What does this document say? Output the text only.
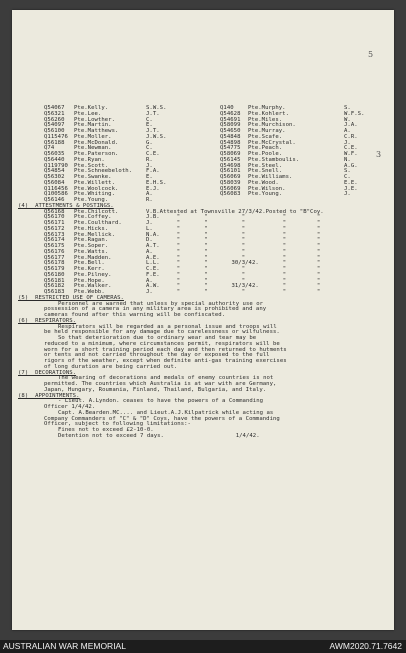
5
3
Q54067 Pte.Kelly.	S.W.S.	Q140	Pte.Murphy.	S.
Q56321 Pte.Lee.	J.T.	Q54628 Pte.Kohlert.	W.F.S.
Q56260 Pte.Lowther.	C.	Q54691 Pte.Miles.	W.
Q54097 Pte.Martin.	E.	Q58099 Pte.Murchison.	J.A.
Q56100 Pte.Matthews.	J.T.	Q54650 Pte.Murray.	A.
Q115476 Pte.Moller.	J.W.S.	Q54848 Pte.Scafe.	C.R.
Q56188 Pte.McDonald.	G.	Q54898 Pte.McCrystal.	J.
Q74	Pte.Newman.	C.	Q54775 Pte.Peach.	C.E.
Q56035 Pte.Paterson.	C.E.	Q58069 Pte.Poole.	W.F.
Q56440 Pte.Ryan.	R.	Q56145 Pte.Stamboulis.	N.
Q119790 Pte.Scott.	J.	Q54698 Pte.Steel.	A.G.
Q54854 Pte.Schneebeloth. F.A.	Q56101 Pte.Snell.	S.
Q56302 Pte.Swanke.	E.	Q56069 Pte.Williams.	C.
Q56084 Pte.Willett.	E.H.S.	Q58039 Pte.Wood.	E.E.
Q116456 Pte.Woolcock.	E.J.	Q56069 Pte.Wilson.	J.E.
Q100586 Pte.Whiting.	A.	Q56083 Pte.Young.	J.
Q56146 Pte.Young.	R.
(4)  ATTESTMENTS & POSTINGS.
Q56168 Pte.Chilcott.	V.B.Attested at Townsville 27/3/42.Posted to "B"Coy.
Q56170 Pte.Coffey.	J.B.     "       "          "           "         "
Q56171 Pte.Coulthard.	J.       "       "          "           "         "
Q56172 Pte.Hicks.	L.       "       "          "           "         "
Q56173 Pte.Mellick.	N.A.     "       "          "           "         "
Q56174 Pte.Ragan.	D.       "       "          "           "         "
Q56175 Pte.Soper.	A.T.     "       "          "           "         "
Q56176 Pte.Watts.	A.       "       "          "           "         "
Q56177 Pte.Madden.	A.E.     "       "          "           "         "
Q56178 Pte.Bell.	L.L.     "       "       30/3/42.       "         "
Q56179 Pte.Kerr.	C.E.     "       "          "           "         "
Q56180 Pte.Pilney.	F.E.     "       "          "           "         "
Q56181 Pte.Hope.	A.       "       "          "           "         "
Q56182 Pte.Walker.	A.W.     "       "       31/3/42.       "         "
Q56183 Pte.Webb.	J.       "       "          "           "         "
(5)  RESTRICTED USE OF CAMERAS.
Personnel are warned that unless by special authority use or
possession of a camera in any military area is prohibited and any
cameras found after this warning will be confiscated.
(6)  RESPIRATORS.
Respirators will be regarded as a personal issue and troops will
be held responsible for any damage due to carelessness or wilfulness.
So that deterioration due to ordinary wear and tear may be
reduced to a minimum, where circumstances permit, respirators will be
worn for a short training period each day and then returned to hutments
or tents and not carried throughout the day or exposed to the full
rigors of the weather, except when definite anti-gas training exercises
of long duration are being carried out.
(7)  DECORATIONS.
The wearing of decorations and medals of enemy countries is not
permitted. The countries which Australia is at war with are Germany,
Japan, Hungary, Roumania, Finland, Thailand, Bulgaria, and Italy.
(8)  APPOINTMENTS.
- Lieut. A.Lyndon. ceases to have the powers of a Commanding
Officer 1/4/42.
Capt. A.Bearden.MC.... and Lieut.A.J.Kilpatrick while acting as
Company Commanders of "C" & "D" Coys, have the powers of a Commanding
Officer, subject to following limitations:-
Fines not to exceed £2-10-0.
Detention not to exceed 7 days.                     1/4/42.
AUSTRALIAN WAR MEMORIAL	AWM2020.71.7642
